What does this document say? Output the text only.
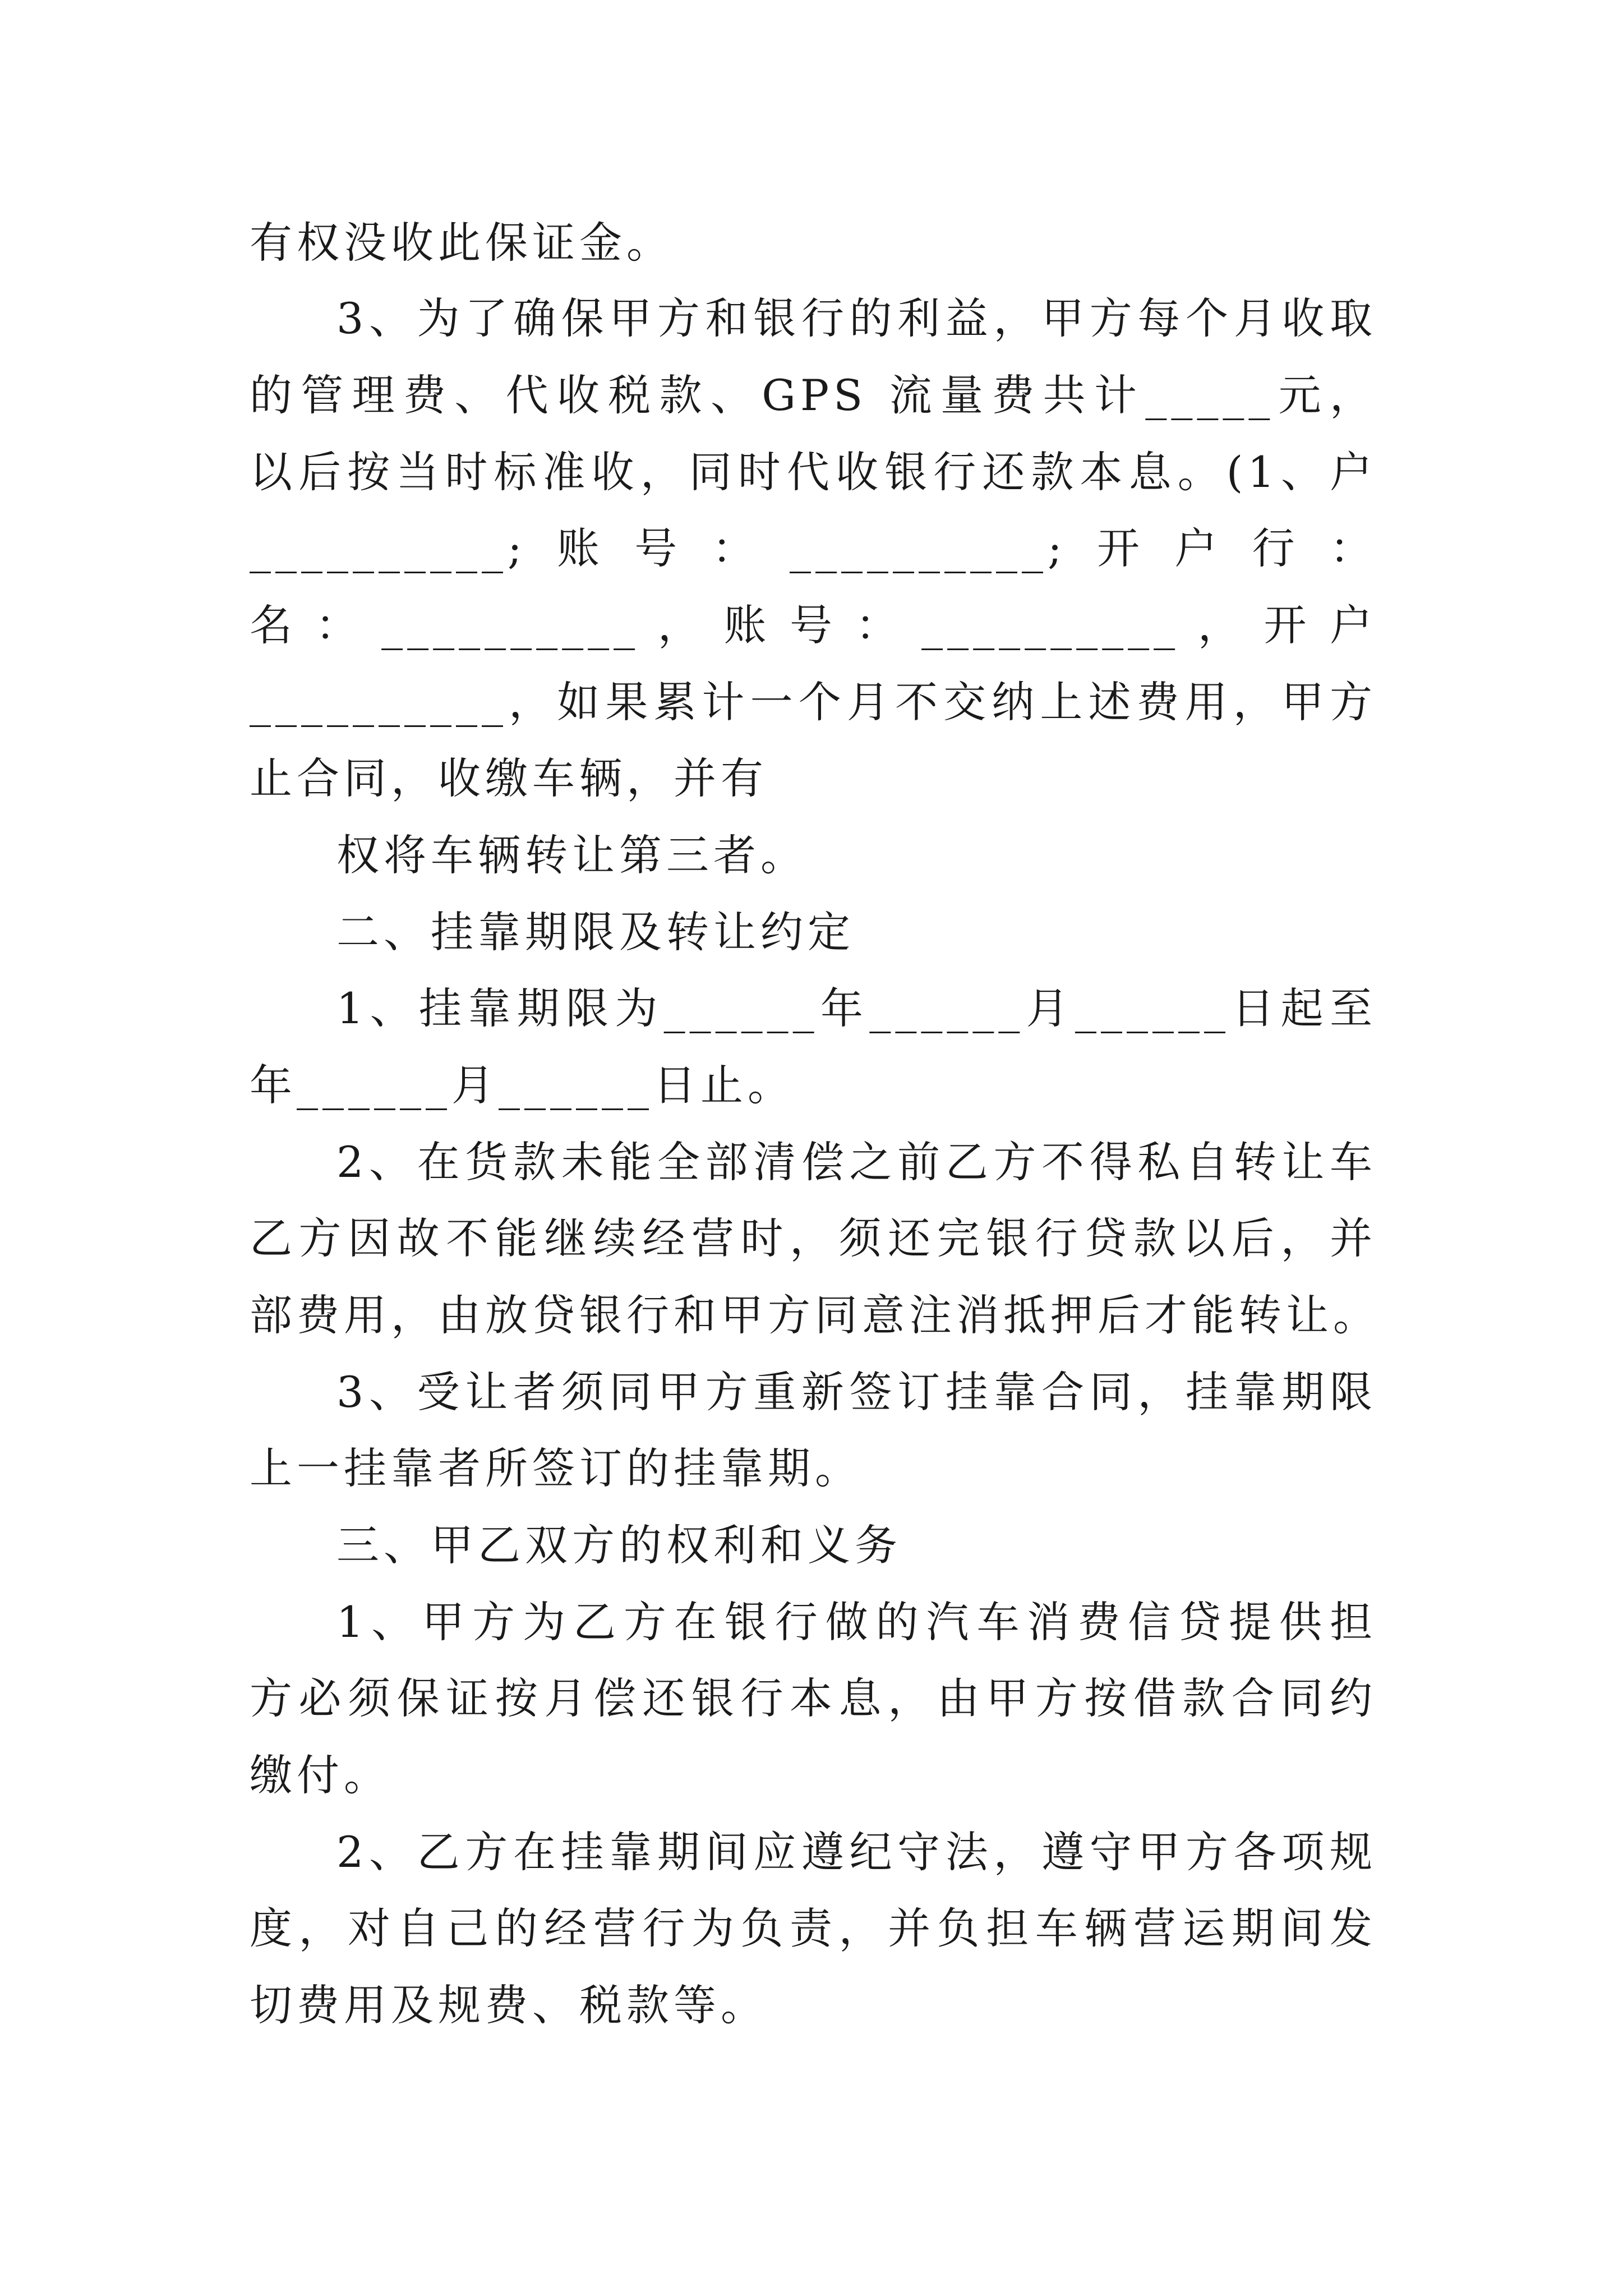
有权没收此保证金。
3、为了确保甲方和银行的利益，甲方每个月收取
的管理费、代收税款、GPS 流量费共计_____元，
以后按当时标准收，同时代收银行还款本息。(1、户
__________;账号：__________;开户行：
名 ： __________ ， 账 号 ： __________ ， 开 户
__________，如果累计一个月不交纳上述费用，甲方
止合同，收缴车辆，并有
权将车辆转让第三者。
二、挂靠期限及转让约定
1、挂靠期限为______年______月______日起至
年______月______日止。
2、在货款未能全部清偿之前乙方不得私自转让车
乙方因故不能继续经营时，须还完银行贷款以后，并
部费用，由放贷银行和甲方同意注消抵押后才能转让。
3、受让者须同甲方重新签订挂靠合同，挂靠期限
上一挂靠者所签订的挂靠期。
三、甲乙双方的权利和义务
1、甲方为乙方在银行做的汽车消费信贷提供担
方必须保证按月偿还银行本息，由甲方按借款合同约
缴付。
2、乙方在挂靠期间应遵纪守法，遵守甲方各项规
度，对自己的经营行为负责，并负担车辆营运期间发
切费用及规费、税款等。
